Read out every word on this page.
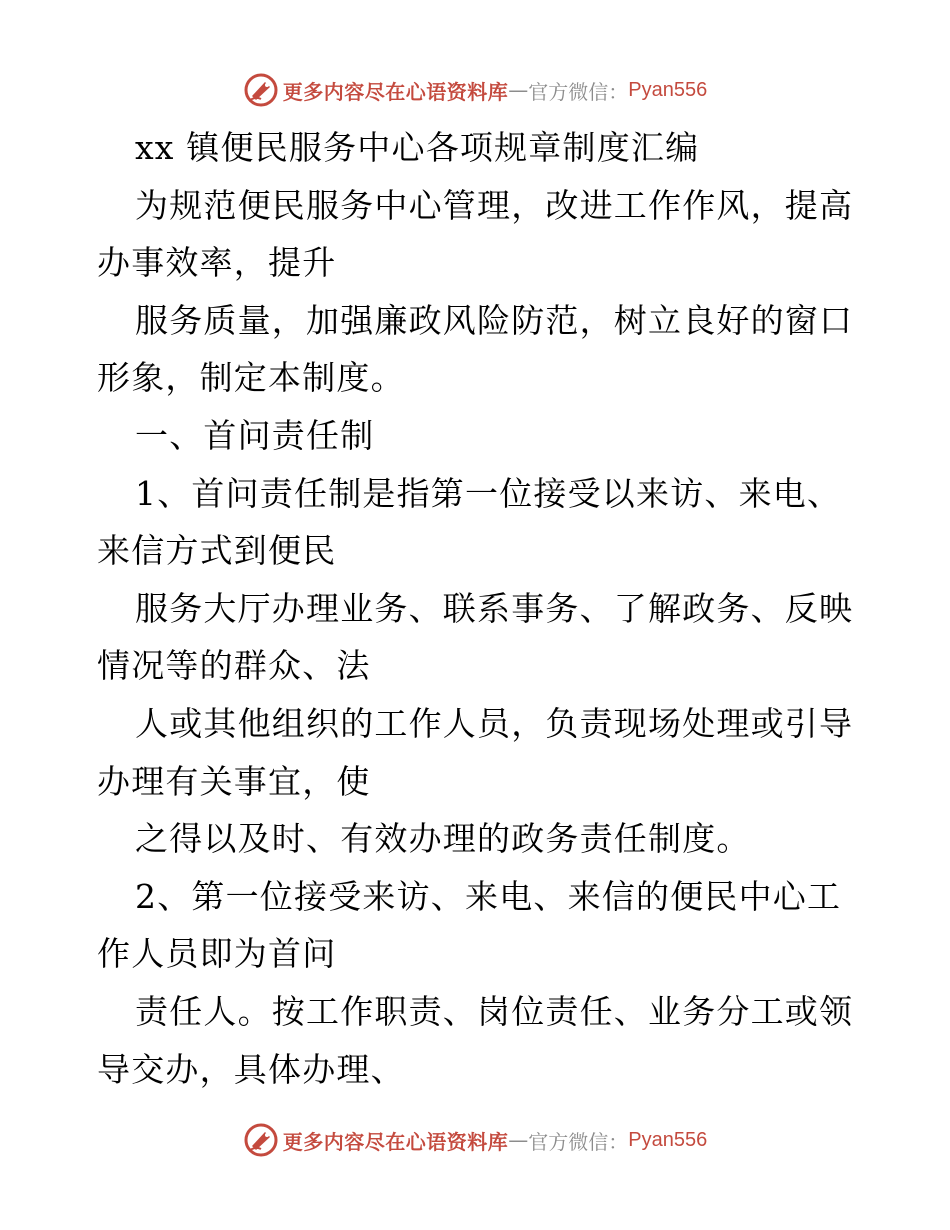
更多内容尽在心语资料库 — 官方微信： Pyan556
xx 镇便民服务中心各项规章制度汇编
为规范便民服务中心管理，改进工作作风，提高
办事效率，提升
服务质量，加强廉政风险防范，树立良好的窗口
形象，制定本制度。
一、首问责任制
1、首问责任制是指第一位接受以来访、来电、
来信方式到便民
服务大厅办理业务、联系事务、了解政务、反映
情况等的群众、法
人或其他组织的工作人员，负责现场处理或引导
办理有关事宜，使
之得以及时、有效办理的政务责任制度。
2、第一位接受来访、来电、来信的便民中心工
作人员即为首问
责任人。按工作职责、岗位责任、业务分工或领
导交办，具体办理、
更多内容尽在心语资料库 — 官方微信： Pyan556
